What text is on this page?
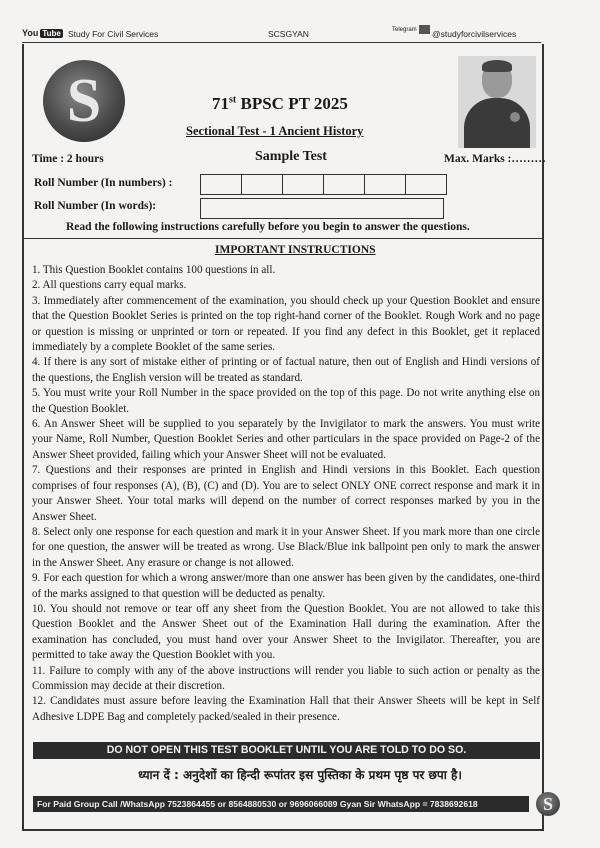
You Tube Study For Civil Services	SCSGYAN	Telegram @studyforcivilservices
S	71st BPSC PT 2025
Sectional Test - 1 Ancient History
Time : 2 hours	Sample Test	Max. Marks :………
Roll Number (In numbers) :
Roll Number (In words):
Read the following instructions carefully before you begin to answer the questions.
IMPORTANT INSTRUCTIONS
1. This Question Booklet contains 100 questions in all.
2. All questions carry equal marks.
3. Immediately after commencement of the examination, you should check up your Question Booklet and ensure that the Question Booklet Series is printed on the top right-hand corner of the Booklet. Rough Work and no page or question is missing or unprinted or torn or repeated. If you find any defect in this Booklet, get it replaced immediately by a complete Booklet of the same series.
4. If there is any sort of mistake either of printing or of factual nature, then out of English and Hindi versions of the questions, the English version will be treated as standard.
5. You must write your Roll Number in the space provided on the top of this page. Do not write anything else on the Question Booklet.
6. An Answer Sheet will be supplied to you separately by the Invigilator to mark the answers. You must write your Name, Roll Number, Question Booklet Series and other particulars in the space provided on Page-2 of the Answer Sheet provided, failing which your Answer Sheet will not be evaluated.
7. Questions and their responses are printed in English and Hindi versions in this Booklet. Each question comprises of four responses (A), (B), (C) and (D). You are to select ONLY ONE correct response and mark it in your Answer Sheet. Your total marks will depend on the number of correct responses marked by you in the Answer Sheet.
8. Select only one response for each question and mark it in your Answer Sheet. If you mark more than one circle for one question, the answer will be treated as wrong. Use Black/Blue ink ballpoint pen only to mark the answer in the Answer Sheet. Any erasure or change is not allowed.
9. For each question for which a wrong answer/more than one answer has been given by the candidates, one-third of the marks assigned to that question will be deducted as penalty.
10. You should not remove or tear off any sheet from the Question Booklet. You are not allowed to take this Question Booklet and the Answer Sheet out of the Examination Hall during the examination. After the examination has concluded, you must hand over your Answer Sheet to the Invigilator. Thereafter, you are permitted to take away the Question Booklet with you.
11. Failure to comply with any of the above instructions will render you liable to such action or penalty as the Commission may decide at their discretion.
12. Candidates must assure before leaving the Examination Hall that their Answer Sheets will be kept in Self Adhesive LDPE Bag and completely packed/sealed in their presence.
DO NOT OPEN THIS TEST BOOKLET UNTIL YOU ARE TOLD TO DO SO.
ध्यान दें : अनुदेशों का हिन्दी रूपांतर इस पुस्तिका के प्रथम पृष्ठ पर छपा है।
For Paid Group Call /WhatsApp 7523864455 or 8564880530 or 9696066089 Gyan Sir WhatsApp = 7838692618	S
